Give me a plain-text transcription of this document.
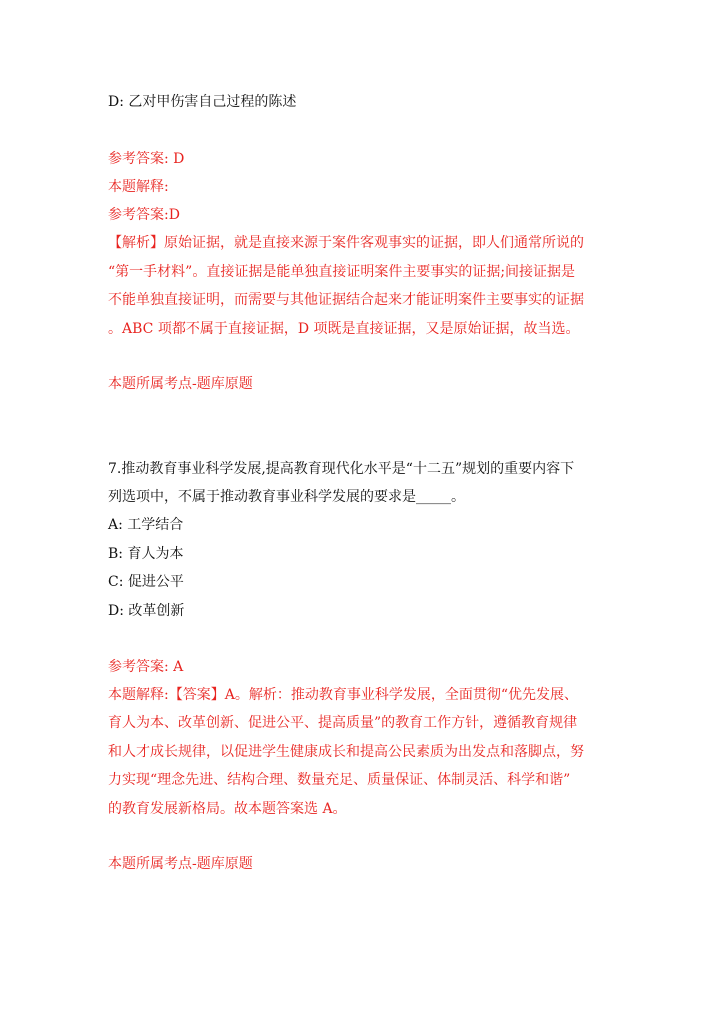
D: 乙对甲伤害自己过程的陈述
参考答案: D
本题解释:
参考答案:D
【解析】原始证据，就是直接来源于案件客观事实的证据，即人们通常所说的
“第一手材料”。直接证据是能单独直接证明案件主要事实的证据;间接证据是
不能单独直接证明，而需要与其他证据结合起来才能证明案件主要事实的证据
。ABC 项都不属于直接证据，D 项既是直接证据，又是原始证据，故当选。
本题所属考点-题库原题
7.推动教育事业科学发展,提高教育现代化水平是“十二五”规划的重要内容下
列选项中，不属于推动教育事业科学发展的要求是_____。
A: 工学结合
B: 育人为本
C: 促进公平
D: 改革创新
参考答案: A
本题解释:【答案】A。解析：推动教育事业科学发展，全面贯彻“优先发展、
育人为本、改革创新、促进公平、提高质量”的教育工作方针，遵循教育规律
和人才成长规律，以促进学生健康成长和提高公民素质为出发点和落脚点，努
力实现“理念先进、结构合理、数量充足、质量保证、体制灵活、科学和谐”
的教育发展新格局。故本题答案选 A。
本题所属考点-题库原题
